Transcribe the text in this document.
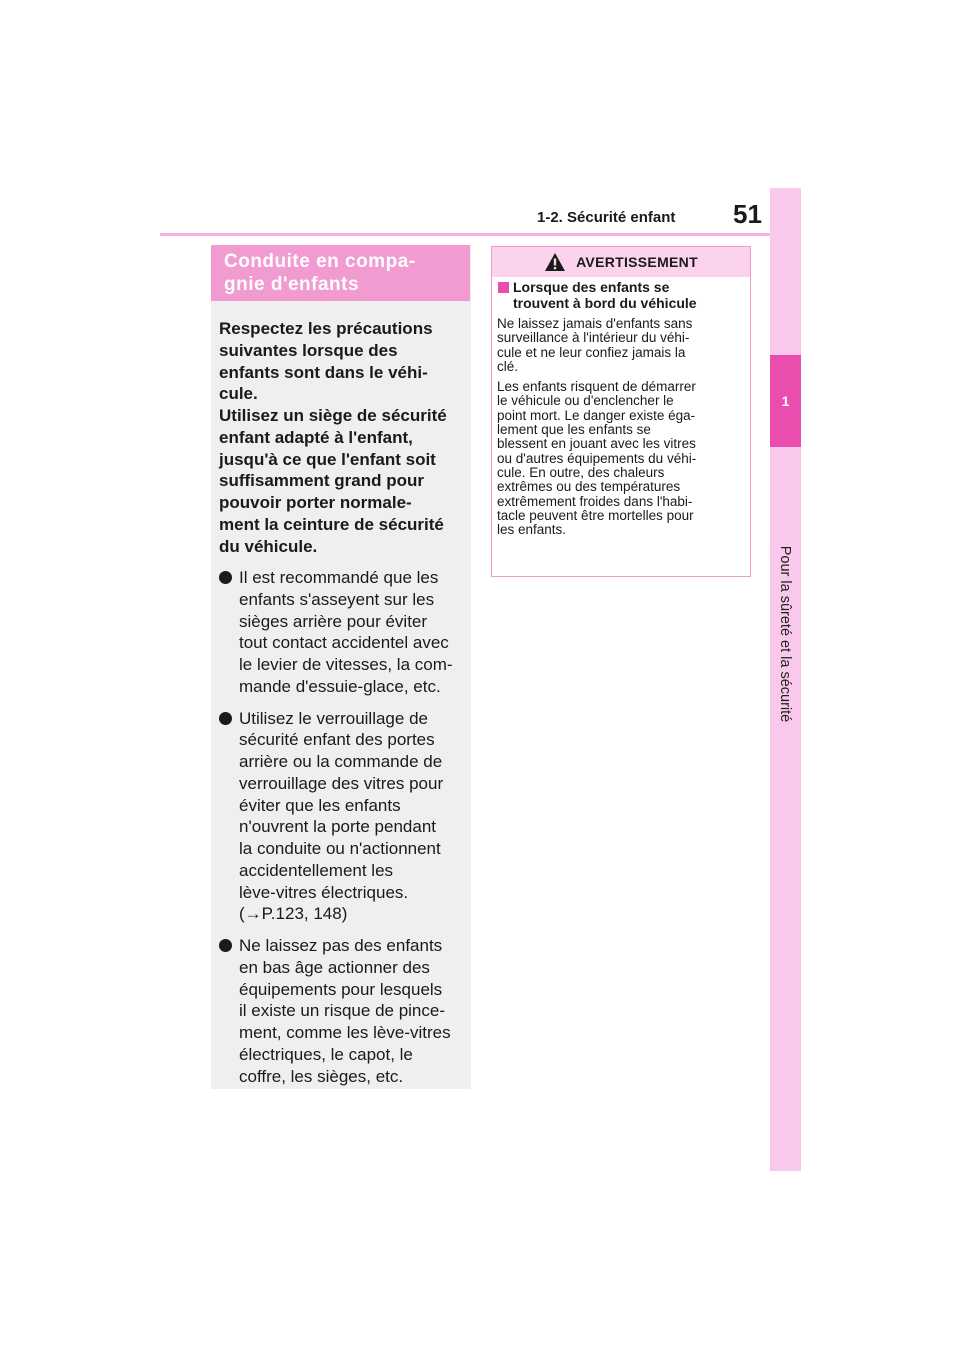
1-2. Sécurité enfant 51
1
Pour la sûreté et la sécurité
Conduite en compa-
gnie d'enfants

Respectez les précautions
suivantes lorsque des
enfants sont dans le véhi-
cule.
Utilisez un siège de sécurité
enfant adapté à l'enfant,
jusqu'à ce que l'enfant soit
suffisamment grand pour
pouvoir porter normale-
ment la ceinture de sécurité
du véhicule.

Il est recommandé que les
enfants s'asseyent sur les
sièges arrière pour éviter
tout contact accidentel avec
le levier de vitesses, la com-
mande d'essuie-glace, etc.
Utilisez le verrouillage de
sécurité enfant des portes
arrière ou la commande de
verrouillage des vitres pour
éviter que les enfants
n'ouvrent la porte pendant
la conduite ou n'actionnent
accidentellement les
lève-vitres électriques.
(→P.123, 148)
Ne laissez pas des enfants
en bas âge actionner des
équipements pour lesquels
il existe un risque de pince-
ment, comme les lève-vitres
électriques, le capot, le
coffre, les sièges, etc.
AVERTISSEMENT

Lorsque des enfants se
trouvent à bord du véhicule

Ne laissez jamais d'enfants sans
surveillance à l'intérieur du véhi-
cule et ne leur confiez jamais la
clé.

Les enfants risquent de démarrer
le véhicule ou d'enclencher le
point mort. Le danger existe éga-
lement que les enfants se
blessent en jouant avec les vitres
ou d'autres équipements du véhi-
cule. En outre, des chaleurs
extrêmes ou des températures
extrêmement froides dans l'habi-
tacle peuvent être mortelles pour
les enfants.
